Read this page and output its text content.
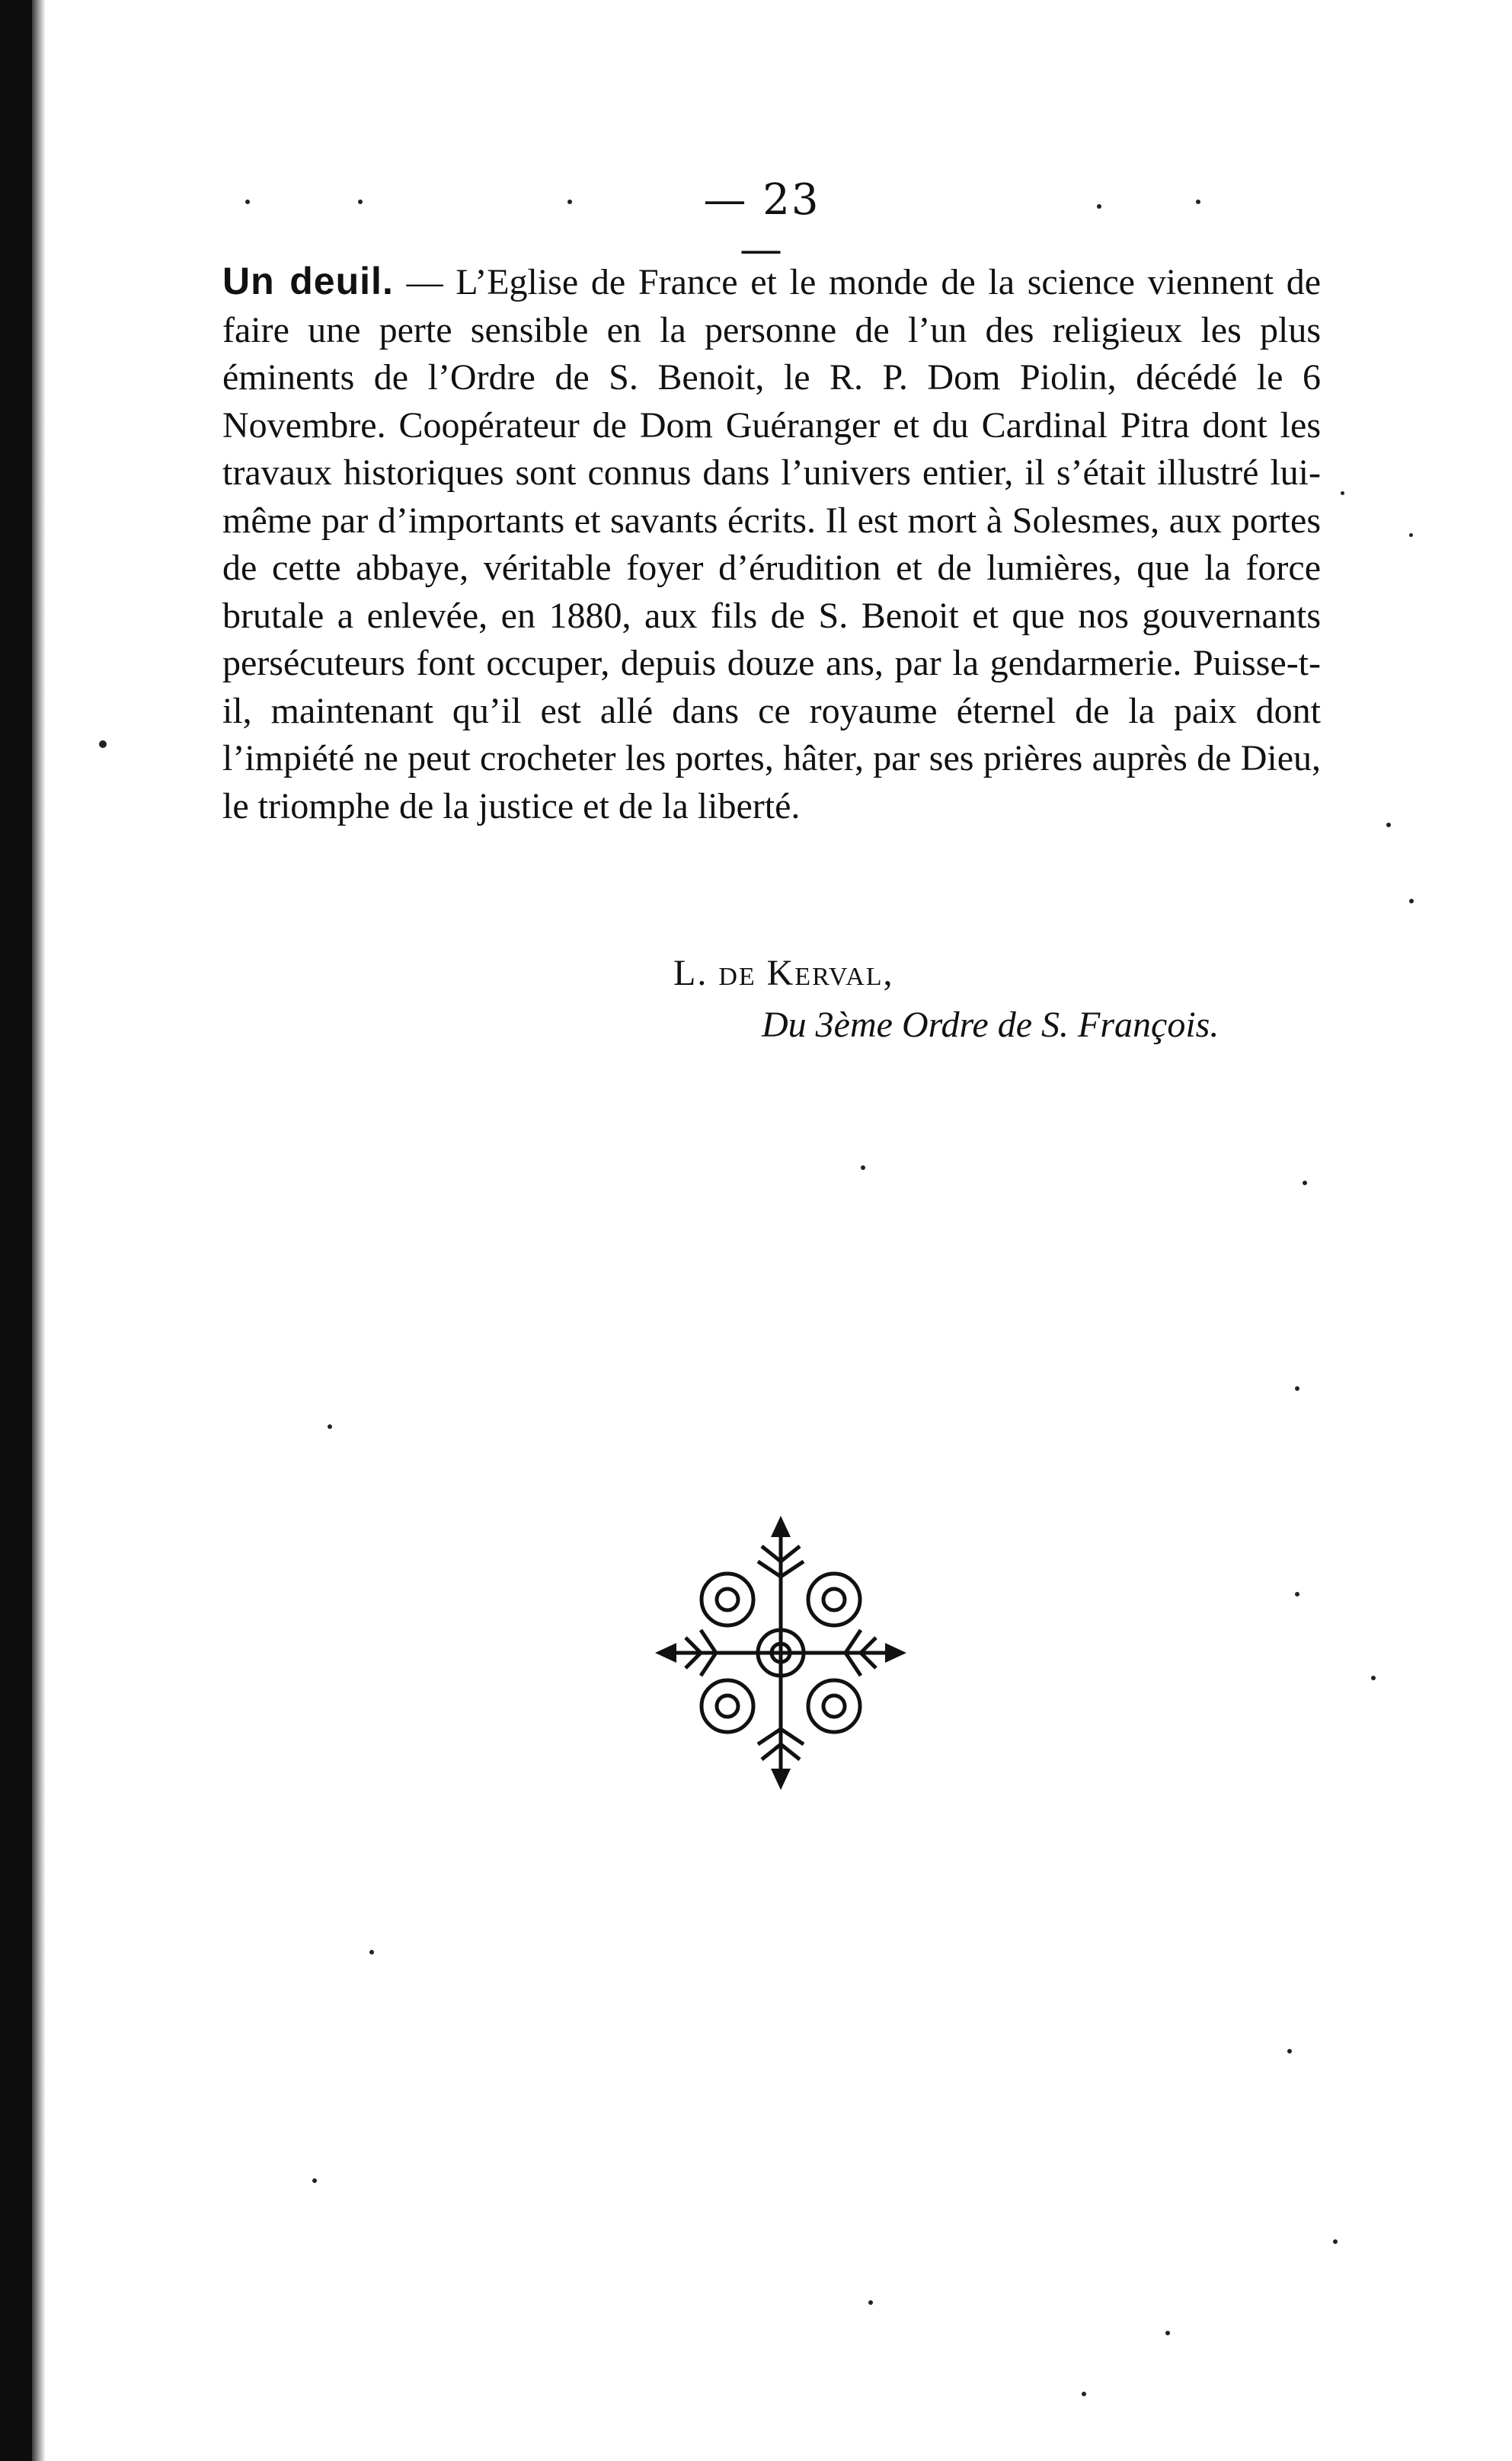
— 23 —
Un deuil. — L’Eglise de France et le monde de la science viennent de faire une perte sensible en la personne de l’un des religieux les plus éminents de l’Ordre de S. Benoit, le R. P. Dom Piolin, décédé le 6 Novembre. Coopérateur de Dom Guéranger et du Cardinal Pitra dont les travaux historiques sont connus dans l’univers entier, il s’était illustré lui-même par d’importants et savants écrits. Il est mort à Solesmes, aux portes de cette abbaye, véritable foyer d’érudition et de lumières, que la force brutale a enlevée, en 1880, aux fils de S. Benoit et que nos gouvernants persécuteurs font occuper, depuis douze ans, par la gendarmerie. Puisse-t-il, maintenant qu’il est allé dans ce royaume éternel de la paix dont l’impiété ne peut crocheter les portes, hâter, par ses prières auprès de Dieu, le triomphe de la justice et de la liberté.
L. de Kerval,
Du 3ème Ordre de S. François.
